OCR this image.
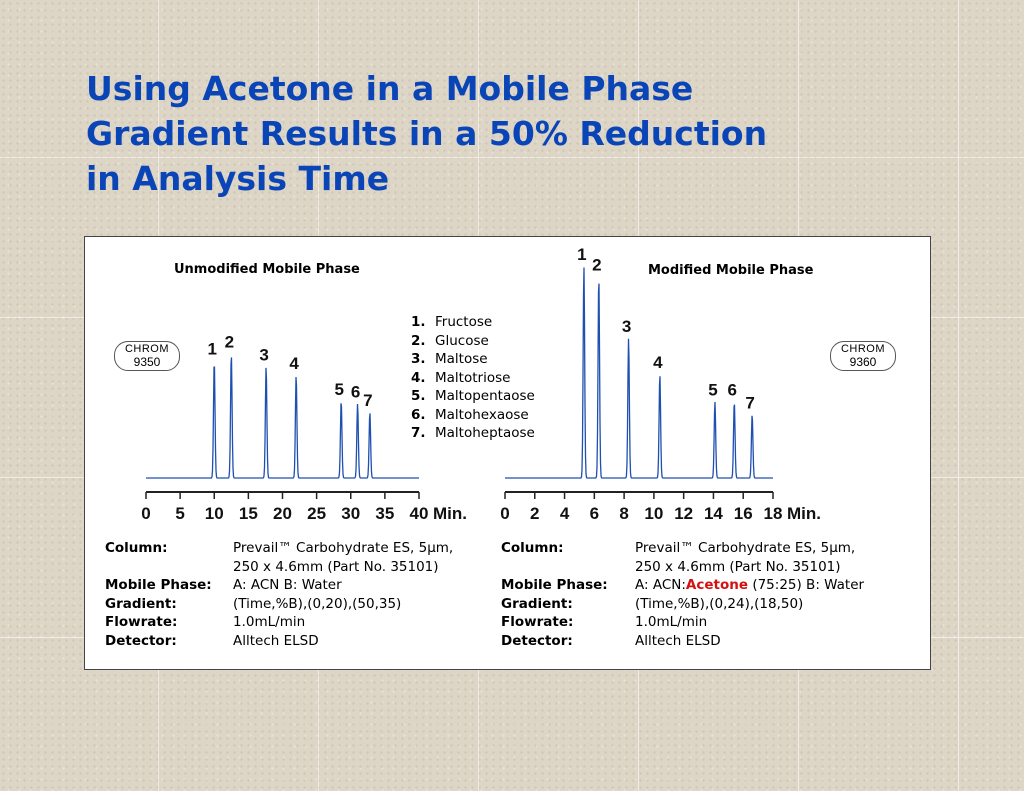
Using Acetone in a Mobile Phase
Gradient Results in a 50% Reduction
in Analysis Time
1 2
3 4
5 6 7
0 5 10 15 20 25 30 35 40 Min.
1
2
3
4
5 6
7
0 2 4 6 8 10 12 14 16 18 Min.
Unmodified Mobile Phase	Modified Mobile Phase
CHROM
9350
CHROM
9360
1. Fructose
2. Glucose
3. Maltose
4. Maltotriose
5. Maltopentaose
6. Maltohexaose
7. Maltoheptaose
Column:	Prevail™ Carbohydrate ES, 5µm,
250 x 4.6mm (Part No. 35101)
Mobile Phase: A: ACN B: Water
Gradient:	(Time,%B),(0,20),(50,35)
Flowrate:	1.0mL/min
Detector:	Alltech ELSD
Column:	Prevail™ Carbohydrate ES, 5µm,
250 x 4.6mm (Part No. 35101)
Mobile Phase: A: ACN:Acetone (75:25) B: Water
Gradient:	(Time,%B),(0,24),(18,50)
Flowrate:	1.0mL/min
Detector:	Alltech ELSD
